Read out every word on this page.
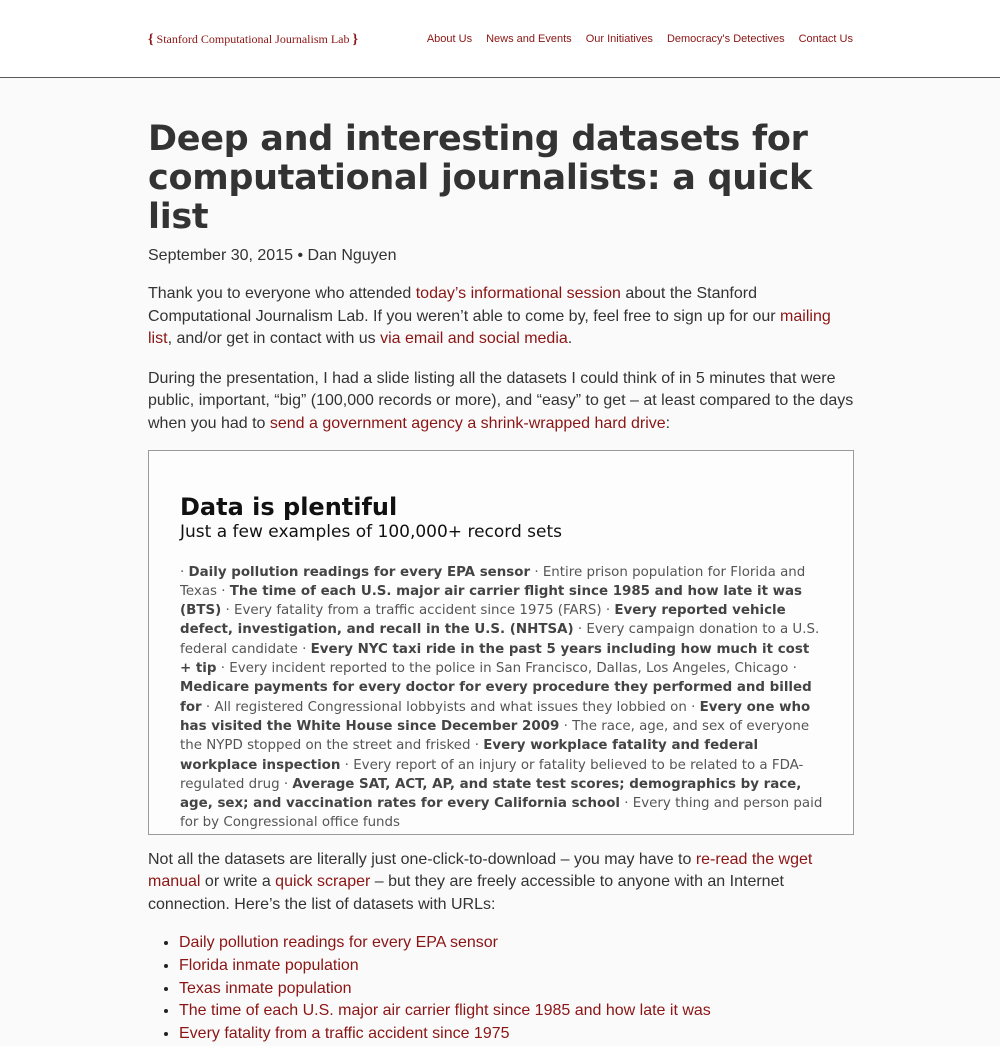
{ Stanford Computational Journalism Lab }	About Us News and Events Our Initiatives Democracy's Detectives Contact Us
Deep and interesting datasets for computational journalists: a quick list
September 30, 2015 • Dan Nguyen

Thank you to everyone who attended today’s informational session about the Stanford Computational Journalism Lab. If you weren’t able to come by, feel free to sign up for our mailing list, and/or get in contact with us via email and social media.

During the presentation, I had a slide listing all the datasets I could think of in 5 minutes that were public, important, “big” (100,000 records or more), and “easy” to get – at least compared to the days when you had to send a government agency a shrink-wrapped hard drive:

Data is plentiful
Just a few examples of 100,000+ record sets
· Daily pollution readings for every EPA sensor · Entire prison population for Florida and Texas · The time of each U.S. major air carrier flight since 1985 and how late it was (BTS) · Every fatality from a traffic accident since 1975 (FARS) · Every reported vehicle defect, investigation, and recall in the U.S. (NHTSA) · Every campaign donation to a U.S. federal candidate · Every NYC taxi ride in the past 5 years including how much it cost + tip · Every incident reported to the police in San Francisco, Dallas, Los Angeles, Chicago · Medicare payments for every doctor for every procedure they performed and billed for · All registered Congressional lobbyists and what issues they lobbied on · Every one who has visited the White House since December 2009 · The race, age, and sex of everyone the NYPD stopped on the street and frisked · Every workplace fatality and federal workplace inspection · Every report of an injury or fatality believed to be related to a FDA-regulated drug · Average SAT, ACT, AP, and state test scores; demographics by race, age, sex; and vaccination rates for every California school · Every thing and person paid for by Congressional office funds

Not all the datasets are literally just one-click-to-download – you may have to re-read the wget manual or write a quick scraper – but they are freely accessible to anyone with an Internet connection. Here’s the list of datasets with URLs:

• Daily pollution readings for every EPA sensor
• Florida inmate population
• Texas inmate population
• The time of each U.S. major air carrier flight since 1985 and how late it was
• Every fatality from a traffic accident since 1975
